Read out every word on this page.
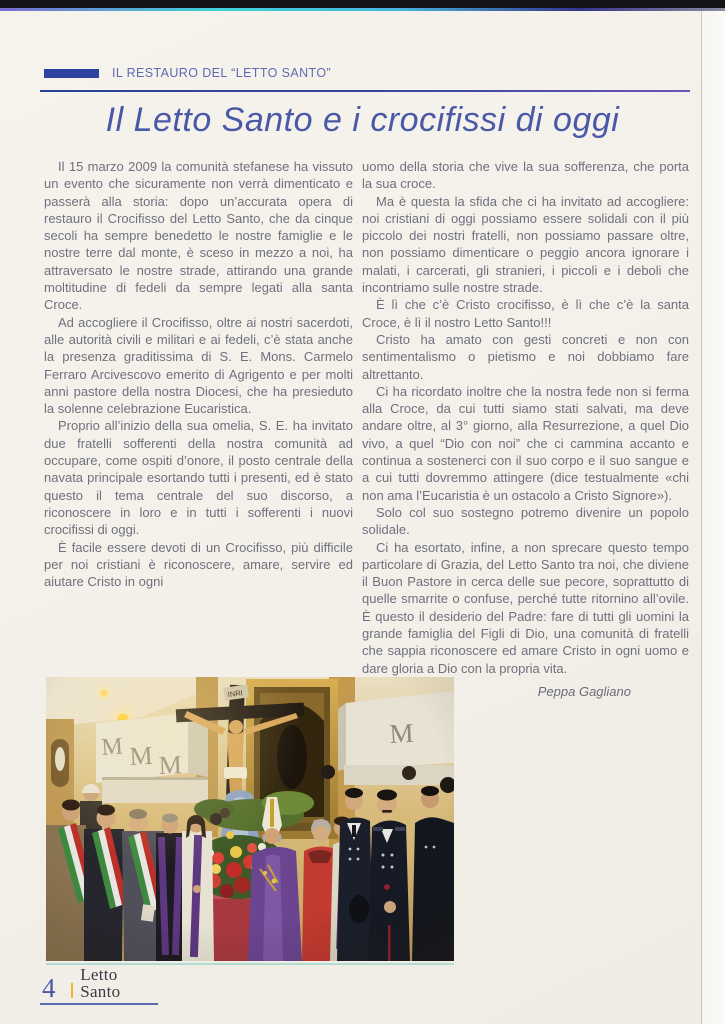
IL RESTAURO DEL “LETTO SANTO”
Il Letto Santo e i crocifissi di oggi

Il 15 marzo 2009 la comunità stefanese ha vissuto un evento che sicuramente non verrà dimenticato e passerà alla storia: dopo un’accurata opera di restauro il Crocifisso del Letto Santo, che da cinque secoli ha sempre benedetto le nostre famiglie e le nostre terre dal monte, è sceso in mezzo a noi, ha attraversato le nostre strade, attirando una grande moltitudine di fedeli da sempre legati alla santa Croce.

Ad accogliere il Crocifisso, oltre ai nostri sacerdoti, alle autorità civili e militari e ai fedeli, c’è stata anche la presenza graditissima di S. E. Mons. Carmelo Ferraro Arcivescovo emerito di Agrigento e per molti anni pastore della nostra Diocesi, che ha presieduto la solenne celebrazione Eucaristica.

Proprio all’inizio della sua omelia, S. E. ha invitato due fratelli sofferenti della nostra comunità ad occupare, come ospiti d’onore, il posto centrale della navata principale esortando tutti i presenti, ed è stato questo il tema centrale del suo discorso, a riconoscere in loro e in tutti i sofferenti i nuovi crocifissi di oggi.

È facile essere devoti di un Crocifisso, più difficile per noi cristiani è riconoscere, amare, servire ed aiutare Cristo in ogni

uomo della storia che vive la sua sofferenza, che porta la sua croce.

Ma è questa la sfida che ci ha invitato ad accogliere: noi cristiani di oggi possiamo essere solidali con il più piccolo dei nostri fratelli, non possiamo passare oltre, non possiamo dimenticare o peggio ancora ignorare i malati, i carcerati, gli stranieri, i piccoli e i deboli che incontriamo sulle nostre strade.

È lì che c’è Cristo crocifisso, è lì che c’è la santa Croce, è lì il nostro Letto Santo!!!

Cristo ha amato con gesti concreti e non con sentimentalismo o pietismo e noi dobbiamo fare altrettanto.

Ci ha ricordato inoltre che la nostra fede non si ferma alla Croce, da cui tutti siamo stati salvati, ma deve andare oltre, al 3° giorno, alla Resurrezione, a quel Dio vivo, a quel “Dio con noi” che ci cammina accanto e continua a sostenerci con il suo corpo e il suo sangue e a cui tutti dovremmo attingere (dice testualmente «chi non ama l’Eucaristia è un ostacolo a Cristo Signore»).

Solo col suo sostegno potremo divenire un popolo solidale.

Ci ha esortato, infine, a non sprecare questo tempo particolare di Grazia, del Letto Santo tra noi, che diviene il Buon Pastore in cerca delle sue pecore, soprattutto di quelle smarrite o confuse, perché tutte ritornino all’ovile. È questo il desiderio del Padre: fare di tutti gli uomini la grande famiglia del Figli di Dio, una comunità di fratelli che sappia riconoscere ed amare Cristo in ogni uomo e dare gloria a Dio con la propria vita.

Peppa Gagliano

4 Letto Santo
